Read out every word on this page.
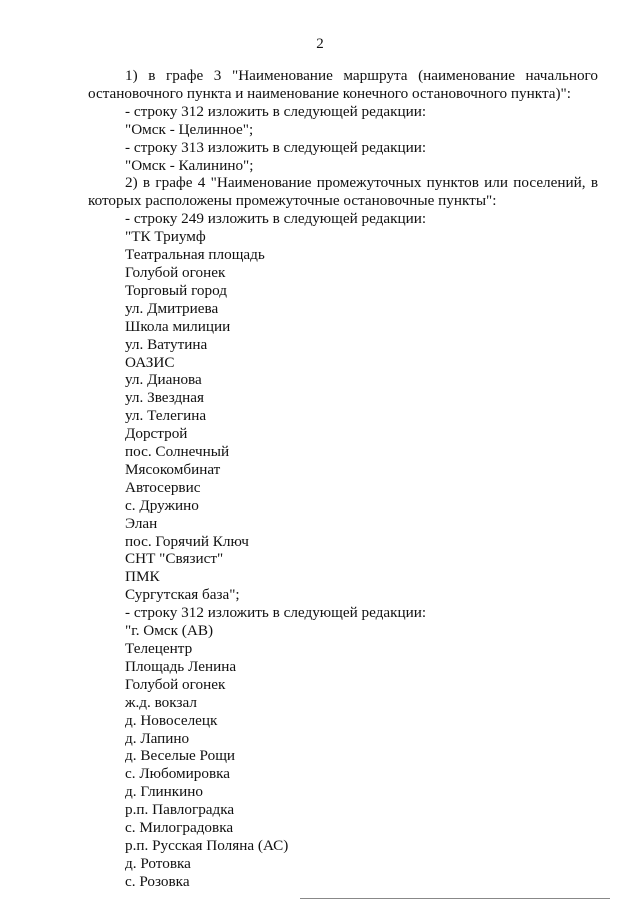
2

1) в графе 3 "Наименование маршрута (наименование начального остановочного пункта и наименование конечного остановочного пункта)":

- строку 312 изложить в следующей редакции:

"Омск - Целинное";

- строку 313 изложить в следующей редакции:

"Омск - Калинино";

2) в графе 4 "Наименование промежуточных пунктов или поселений, в которых расположены промежуточные остановочные пункты":

- строку 249 изложить в следующей редакции:

"ТК Триумф

Театральная площадь

Голубой огонек

Торговый город

ул. Дмитриева

Школа милиции

ул. Ватутина

ОАЗИС

ул. Дианова

ул. Звездная

ул. Телегина

Дорстрой

пос. Солнечный

Мясокомбинат

Автосервис

с. Дружино

Элан

пос. Горячий Ключ

СНТ "Связист"

ПМК

Сургутская база";

- строку 312 изложить в следующей редакции:

"г. Омск (АВ)

Телецентр

Площадь Ленина

Голубой огонек

ж.д. вокзал

д. Новоселецк

д. Лапино

д. Веселые Рощи

с. Любомировка

д. Глинкино

р.п. Павлоградка

с. Милоградовка

р.п. Русская Поляна (АС)

д. Ротовка

с. Розовка
